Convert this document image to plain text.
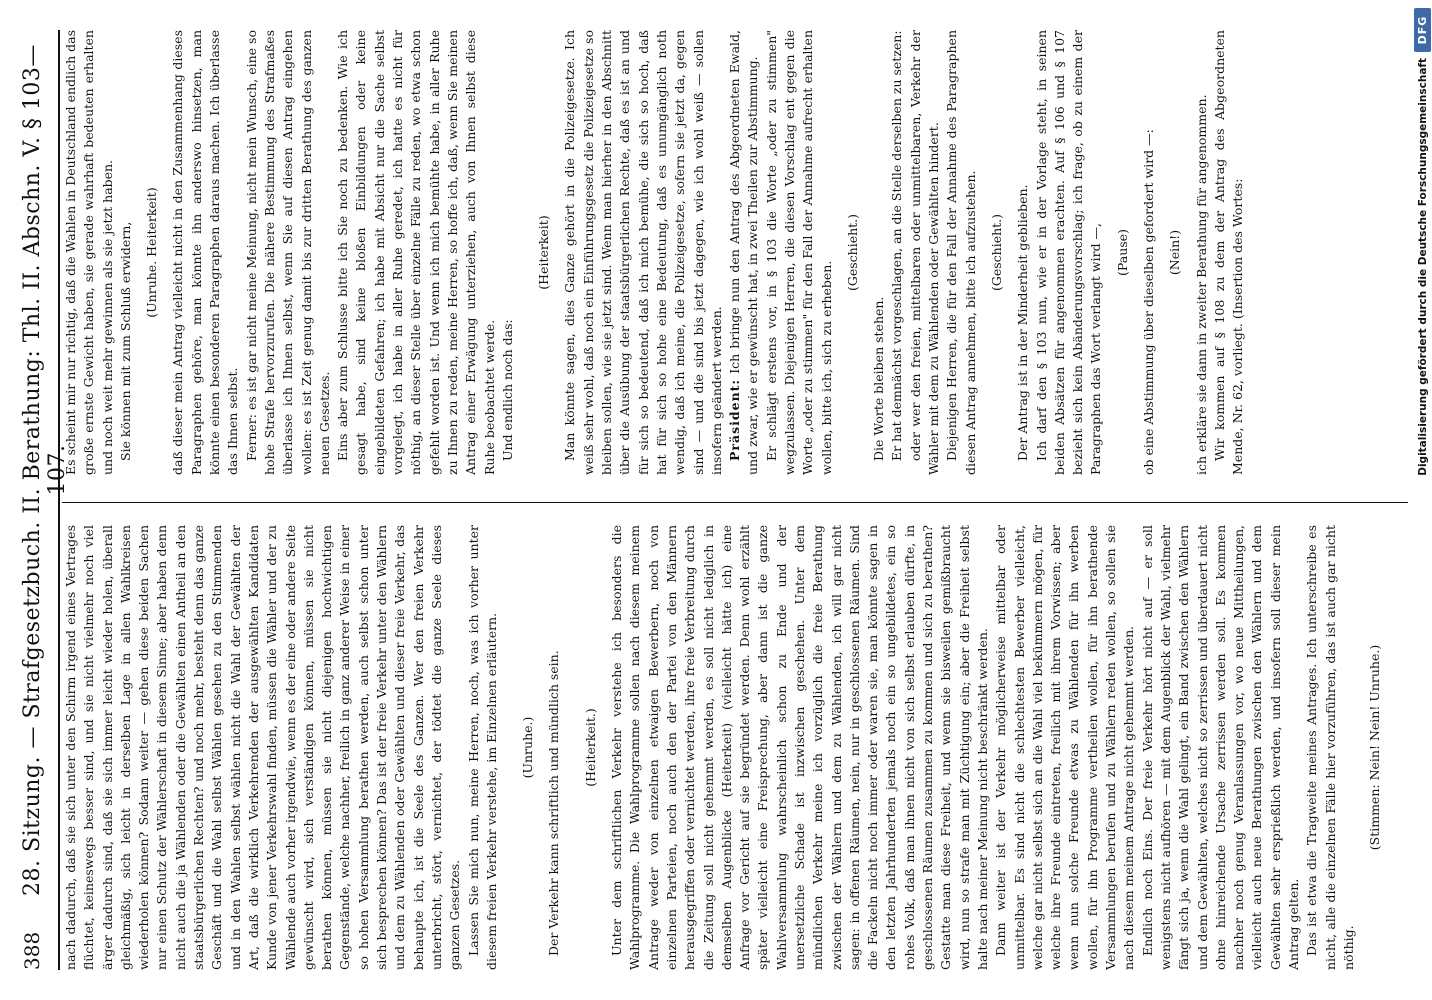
388
28. Sitzung. — Strafgesetzbuch. II. Berathung: Thl. II. Abschn. V. § 103—107.

nach dadurch, daß sie sich unter den Schirm irgend eines Vertrages flüchtet, keineswegs besser sind, und sie nicht vielmehr noch viel ärger dadurch sind, daß sie sich immer leicht wieder holen, überall gleichmäßig, sich leicht in derselben Lage in allen Wahlkreisen wiederholen können? Sodann weiter — gehen diese beiden Sachen nur einen Schutz der Wählerschaft in diesem Sinne; aber haben denn nicht auch die ja Wählenden oder die Gewählten einen Antheil an den staatsbürgerlichen Rechten? und noch mehr, besteht denn das ganze Geschäft und die Wahl selbst Wählen gesehen zu den Stimmenden und in den Wahlen selbst wählen nicht die Wahl der Gewählten der Art, daß die wirklich Verkehrenden der ausgewählten Kandidaten Kunde von jener Verkehrswahl finden, müssen die Wähler und der zu Wählende auch vorher irgendwie, wenn es der eine oder andere Seite gewünscht wird, sich verständigen können, müssen sie nicht berathen können, müssen sie nicht diejenigen hochwichtigen Gegenstände, welche nachher, freilich in ganz anderer Weise in einer so hohen Versammlung berathen werden, auch selbst schon unter sich besprechen können? Das ist der freie Verkehr unter den Wählern und dem zu Wählenden oder Gewählten und dieser freie Verkehr, das behaupte ich, ist die Seele des Ganzen. Wer den freien Verkehr unterbricht, stört, vernichtet, der tödtet die ganze Seele dieses ganzen Gesetzes. Lassen Sie mich nun, meine Herren, noch, was ich vorher unter diesem freien Verkehr verstehe, im Einzelnen erläutern. (Unruhe.) Der Verkehr kann schriftlich und mündlich sein. (Heiterkeit.) Unter dem schriftlichen Verkehr verstehe ich besonders die Wahlprogramme. Die Wahlprogramme sollen nach diesem meinem Antrage weder von einzelnen etwaigen Bewerbern, noch von einzelnen Parteien, noch auch den der Partei von den Männern herausgegriffen oder vernichtet werden, ihre freie Verbreitung durch die Zeitung soll nicht gehemmt werden, es soll nicht lediglich in demselben Augenblicke (Heiterkeit) (vielleicht hätte ich) eine Anfrage vor Gericht auf sie begründet werden. Denn wohl erzählt später vielleicht eine Freisprechung, aber dann ist die ganze Wahlversammlung wahrscheinlich schon zu Ende und der unersetzliche Schade ist inzwischen geschehen. Unter dem mündlichen Verkehr meine ich vorzüglich die freie Berathung zwischen der Wählern und dem zu Wählenden, ich will gar nicht sagen: in offenen Räumen, nein, nur in geschlossenen Räumen. Sind die Fackeln nicht noch immer oder waren sie, man könnte sagen in den letzten Jahrhunderten jemals noch ein so ungebildetes, ein so rohes Volk, daß man ihnen nicht von sich selbst erlauben dürfte, in geschlossenen Räumen zusammen zu kommen und sich zu berathen? Gestatte man diese Freiheit, und wenn sie bisweilen gemißbraucht wird, nun so strafe man mit Züchtigung ein; aber die Freiheit selbst halte nach meiner Meinung nicht beschränkt werden. Dann weiter ist der Verkehr möglicherweise mittelbar oder unmittelbar. Es sind nicht die schlechtesten Bewerber vielleicht, welche gar nicht selbst sich an die Wahl viel bekümmern mögen, für welche ihre Freunde eintreten, freilich mit ihrem Vorwissen; aber wenn nun solche Freunde etwas zu Wählenden für ihn werben wollen, für ihn Programme vertheilen wollen, für ihn berathende Versammlungen berufen und zu Wählern reden wollen, so sollen sie nach diesem meinem Antrage nicht gehemmt werden. Endlich noch Eins. Der freie Verkehr hört nicht auf — er soll wenigstens nicht aufhören — mit dem Augenblick der Wahl, vielmehr fängt sich ja, wenn die Wahl gelingt, ein Band zwischen den Wählern und dem Gewählten, welches nicht so zerrissen und überdauert nicht ohne hinreichende Ursache zerrissen werden soll. Es kommen nachher noch genug Veranlassungen vor, wo neue Mittheilungen, vielleicht auch neue Berathungen zwischen den Wählern und dem Gewählten sehr ersprießlich werden, und insofern soll dieser mein Antrag gelten. Das ist etwa die Tragweite meines Antrages. Ich unterschreibe es nicht, alle die einzelnen Fälle hier vorzuführen, das ist auch gar nicht nöthig.

(Stimmen: Nein! Nein! Unruhe.)

Es scheint mir nur richtig, daß die Wahlen in Deutschland endlich das große ernste Gewicht haben, sie gerade wahrhaft bedeuten erhalten und noch weit mehr gewinnen als sie jetzt haben. Sie können mit zum Schluß erwidern, (Unruhe. Heiterkeit) daß dieser mein Antrag vielleicht nicht in den Zusammenhang dieses Paragraphen gehöre, man könnte ihn anderswo hinsetzen, man könnte einen besonderen Paragraphen daraus machen. Ich überlasse das Ihnen selbst. Ferner: es ist gar nicht meine Meinung, nicht mein Wunsch, eine so hohe Strafe hervorzurufen. Die nähere Bestimmung des Strafmaßes überlasse ich Ihnen selbst, wenn Sie auf diesen Antrag eingehen wollen: es ist Zeit genug damit bis zur dritten Berathung des ganzen neuen Gesetzes. Eins aber zum Schlusse bitte ich Sie noch zu bedenken. Wie ich gesagt habe, sind keine bloßen Einbildungen oder keine eingebildeten Gefahren; ich habe mit Absicht nur die Sache selbst vorgelegt, ich habe in aller Ruhe geredet, ich hatte es nicht für nöthig, an dieser Stelle über einzelne Fälle zu reden, wo etwa schon gefehlt worden ist. Und wenn ich mich bemühte habe, in aller Ruhe zu Ihnen zu reden, meine Herren, so hoffe ich, daß, wenn Sie meinen Antrag einer Erwägung unterziehen, auch von Ihnen selbst diese Ruhe beobachtet werde. Und endlich noch das:

(Heiterkeit) Man könnte sagen, dies Ganze gehört in die Polizeigesetze. Ich weiß sehr wohl, daß noch ein Einführungsgesetz die Polizeigesetze so bleiben sollen, wie sie jetzt sind. Wenn man hierher in den Abschnitt über die Ausübung der staatsbürgerlichen Rechte, daß es ist an und für sich so bedeutend, daß ich mich bemühe, die sich so hoch, daß hat für sich so hohe eine Bedeutung, daß es unumgänglich noth wendig, daß ich meine, die Polizeigesetze, sofern sie jetzt da, gegen sind — und die sind bis jetzt dagegen, wie ich wohl weiß — sollen insofern geändert werden. Präsident: Ich bringe nun den Antrag des Abgeordneten Ewald, und zwar, wie er gewünscht hat, in zwei Theilen zur Abstimmung. Er schlägt erstens vor, in § 103 die Worte „oder zu stimmen" wegzulassen. Diejenigen Herren, die diesen Vorschlag ent gegen die Worte „oder zu stimmen" für den Fall der Annahme aufrecht erhalten wollen, bitte ich, sich zu erheben.

(Geschieht.)

Die Worte bleiben stehen. Er hat demnächst vorgeschlagen, an die Stelle derselben zu setzen: oder wer den freien, mittelbaren oder unmittelbaren, Verkehr der Wähler mit dem zu Wählenden oder Gewählten hindert. Diejenigen Herren, die für den Fall der Annahme des Paragraphen diesen Antrag annehmen, bitte ich aufzustehen. (Geschieht.) Der Antrag ist in der Minderheit geblieben. Ich darf den § 103 nun, wie er in der Vorlage steht, in seinen beiden Absätzen für angenommen erachten. Auf § 106 und § 107 bezieht sich kein Abänderungsvorschlag; ich frage, ob zu einem der Paragraphen das Wort verlangt wird —, (Pause) ob eine Abstimmung über dieselben gefordert wird —: (Nein!) ich erkläre sie dann in zweiter Berathung für angenommen. Wir kommen auf § 108 zu dem der Antrag des Abgeordneten Mende, Nr. 62, vorliegt. (Insertion des Wortes:	Digitalisierung gefördert durch die Deutsche Forschungsgemeinschaft
DFG
